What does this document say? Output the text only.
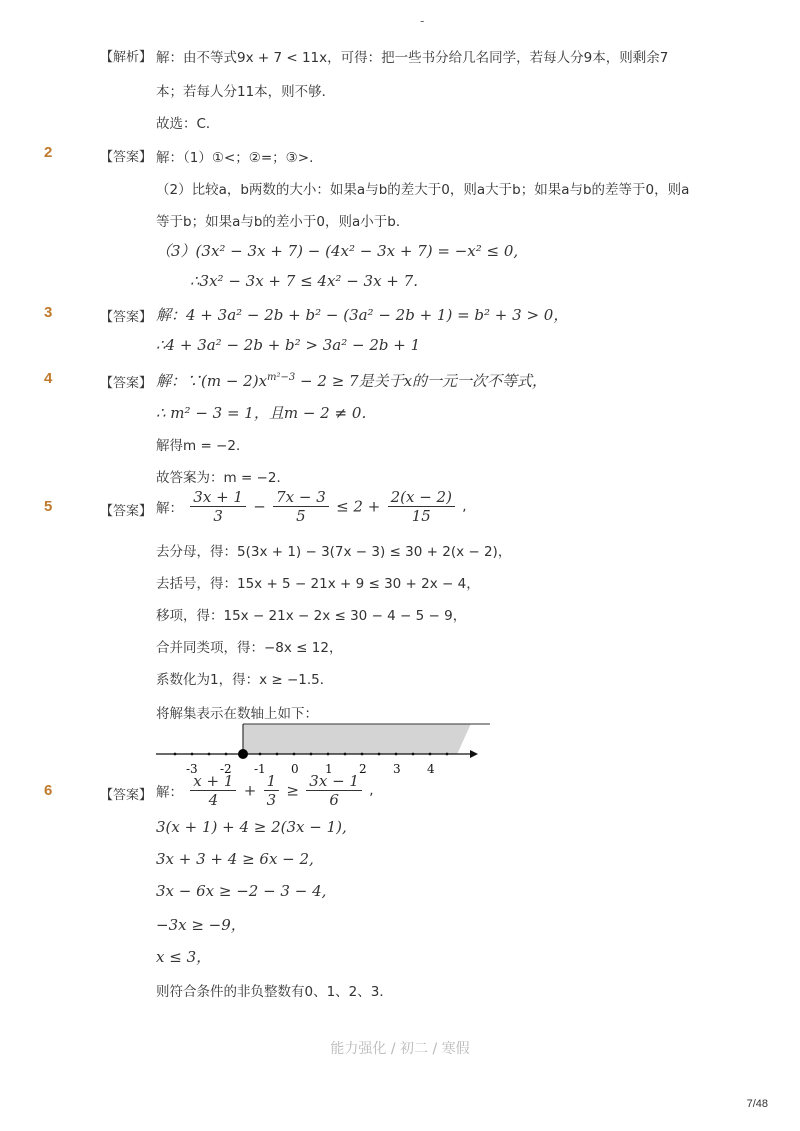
-
【解析】 解：由不等式9x + 7 < 11x，可得：把一些书分给几名同学，若每人分9本，则剩余7
本；若每人分11本，则不够．
故选：C．
2	【答案】 解：（1）①<；②=；③>.
（2）比较a，b两数的大小：如果a与b的差大于0，则a大于b；如果a与b的差等于0，则a
等于b；如果a与b的差小于0，则a小于b．
（3）(3x² − 3x + 7) − (4x² − 3x + 7) = −x² ≤ 0,
∴3x² − 3x + 7 ≤ 4x² − 3x + 7.
3	【答案】 解：4 + 3a² − 2b + b² − (3a² − 2b + 1) = b² + 3 > 0，
∴4 + 3a² − 2b + b² > 3a² − 2b + 1
4	【答案】 解：∵(m − $2)x^{m^2-3} - 2 \ge 7$是关于x的一元一次不等式，
∴ m² − 3 = 1，且m − 2 ≠ 0．
解得m = −2．
故答案为：m = −2．
5	【答案】 解： $\frac{3x + 1}{3} - \frac{7x - 3}{5} \le 2 + \frac{2(x - 2)}{15}$ ,
去分母，得：5(3x + 1) − 3(7x − 3) ≤ 30 + 2(x − 2)，
去括号，得：15x + 5 − 21x + 9 ≤ 30 + 2x − 4，
移项，得：15x − 21x − 2x ≤ 30 − 4 − 5 − 9，
合并同类项，得：−8x ≤ 12，
系数化为1，得：x ≥ −1.5．
将解集表示在数轴上如下：
-3 -2 -1 0 1 2 3 4
6	【答案】 解： $\frac{x + 1}{4} + \frac{1}{3} \ge \frac{3x - 1}{6}$ ,
3(x + 1) + 4 ≥ 2(3x − 1),
3x + 3 + 4 ≥ 6x − 2,
3x − 6x ≥ −2 − 3 − 4,
−3x ≥ −9，
x ≤ 3，
则符合条件的非负整数有0、1、2、3．
能力强化 / 初二 / 寒假
7/48
